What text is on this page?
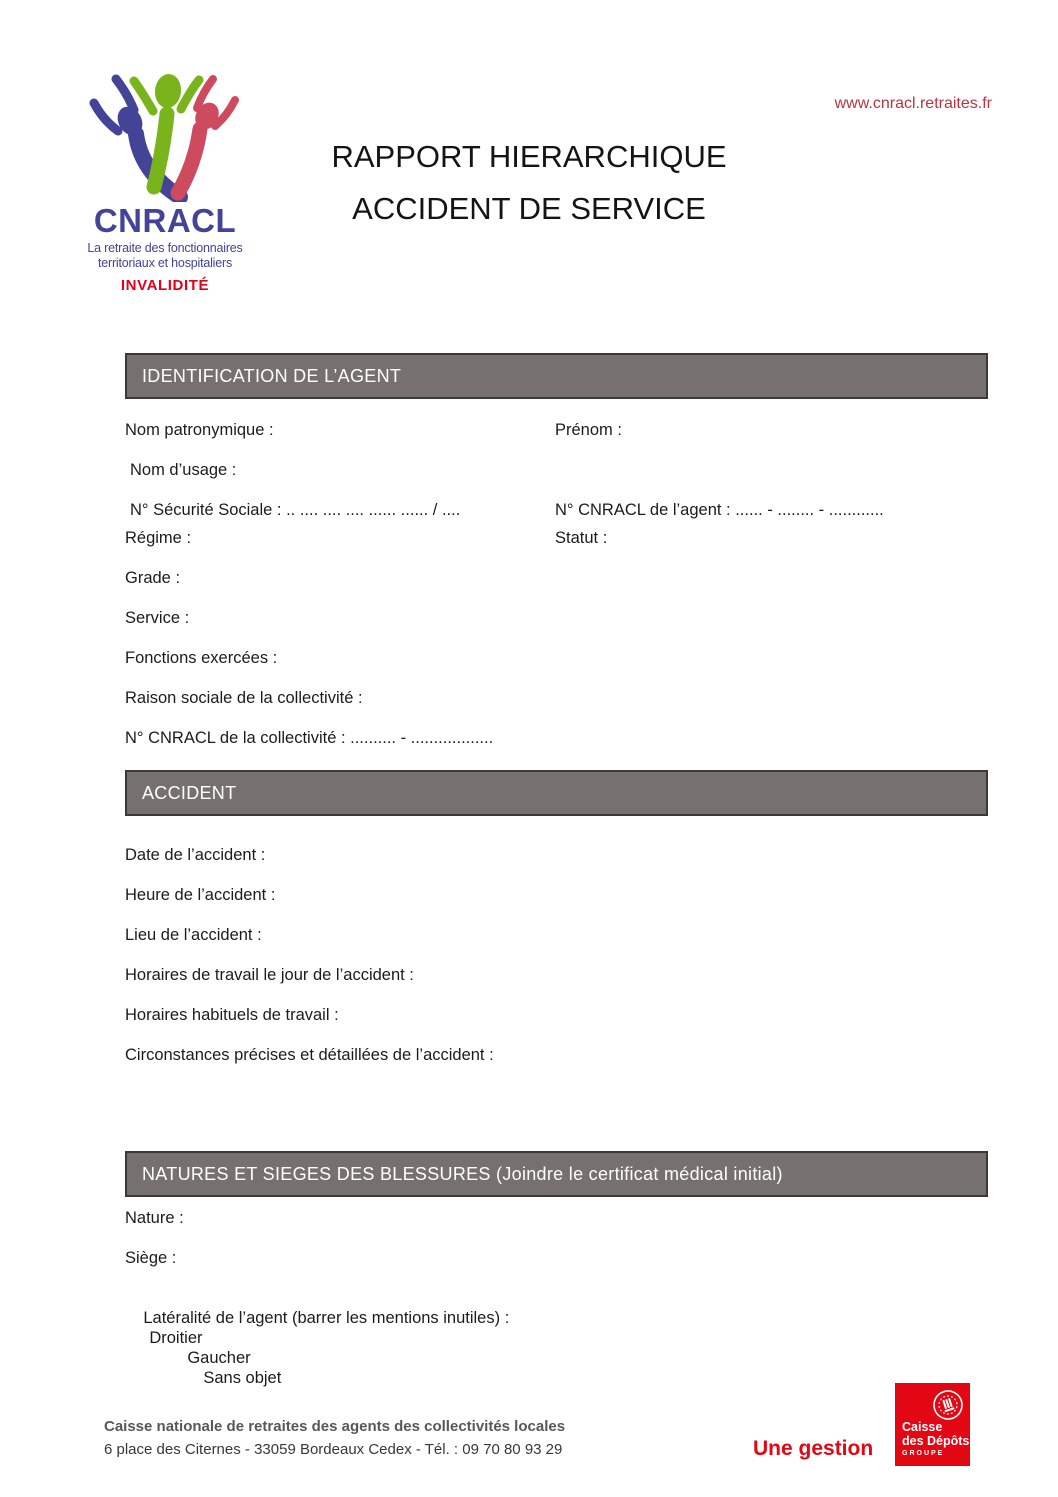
CNRACL
La retraite des fonctionnaires
territoriaux et hospitaliers
INVALIDITÉ
www.cnracl.retraites.fr
RAPPORT HIERARCHIQUE
ACCIDENT DE SERVICE
IDENTIFICATION DE L’AGENT
Nom patronymique :	Prénom :
Nom d’usage :
N° Sécurité Sociale : .. .... .... .... ...... ...... / ....	N° CNRACL de l’agent : ...... - ........ - ............
Régime :	Statut :
Grade :
Service :
Fonctions exercées :
Raison sociale de la collectivité :
N° CNRACL de la collectivité : .......... - ..................
ACCIDENT
Date de l’accident :
Heure de l’accident :
Lieu de l’accident :
Horaires de travail le jour de l’accident :
Horaires habituels de travail :
Circonstances précises et détaillées de l’accident :
NATURES ET SIEGES DES BLESSURES (Joindre le certificat médical initial)
Nature :
Siège :

Latéralité de l’agent (barrer les mentions inutiles) :
Droitier
Gaucher
Sans objet

Caisse nationale de retraites des agents des collectivités locales
6 place des Citernes - 33059 Bordeaux Cedex - Tél. : 09 70 80 93 29	Une gestion
Caisse
des Dépôts
GROUPE
